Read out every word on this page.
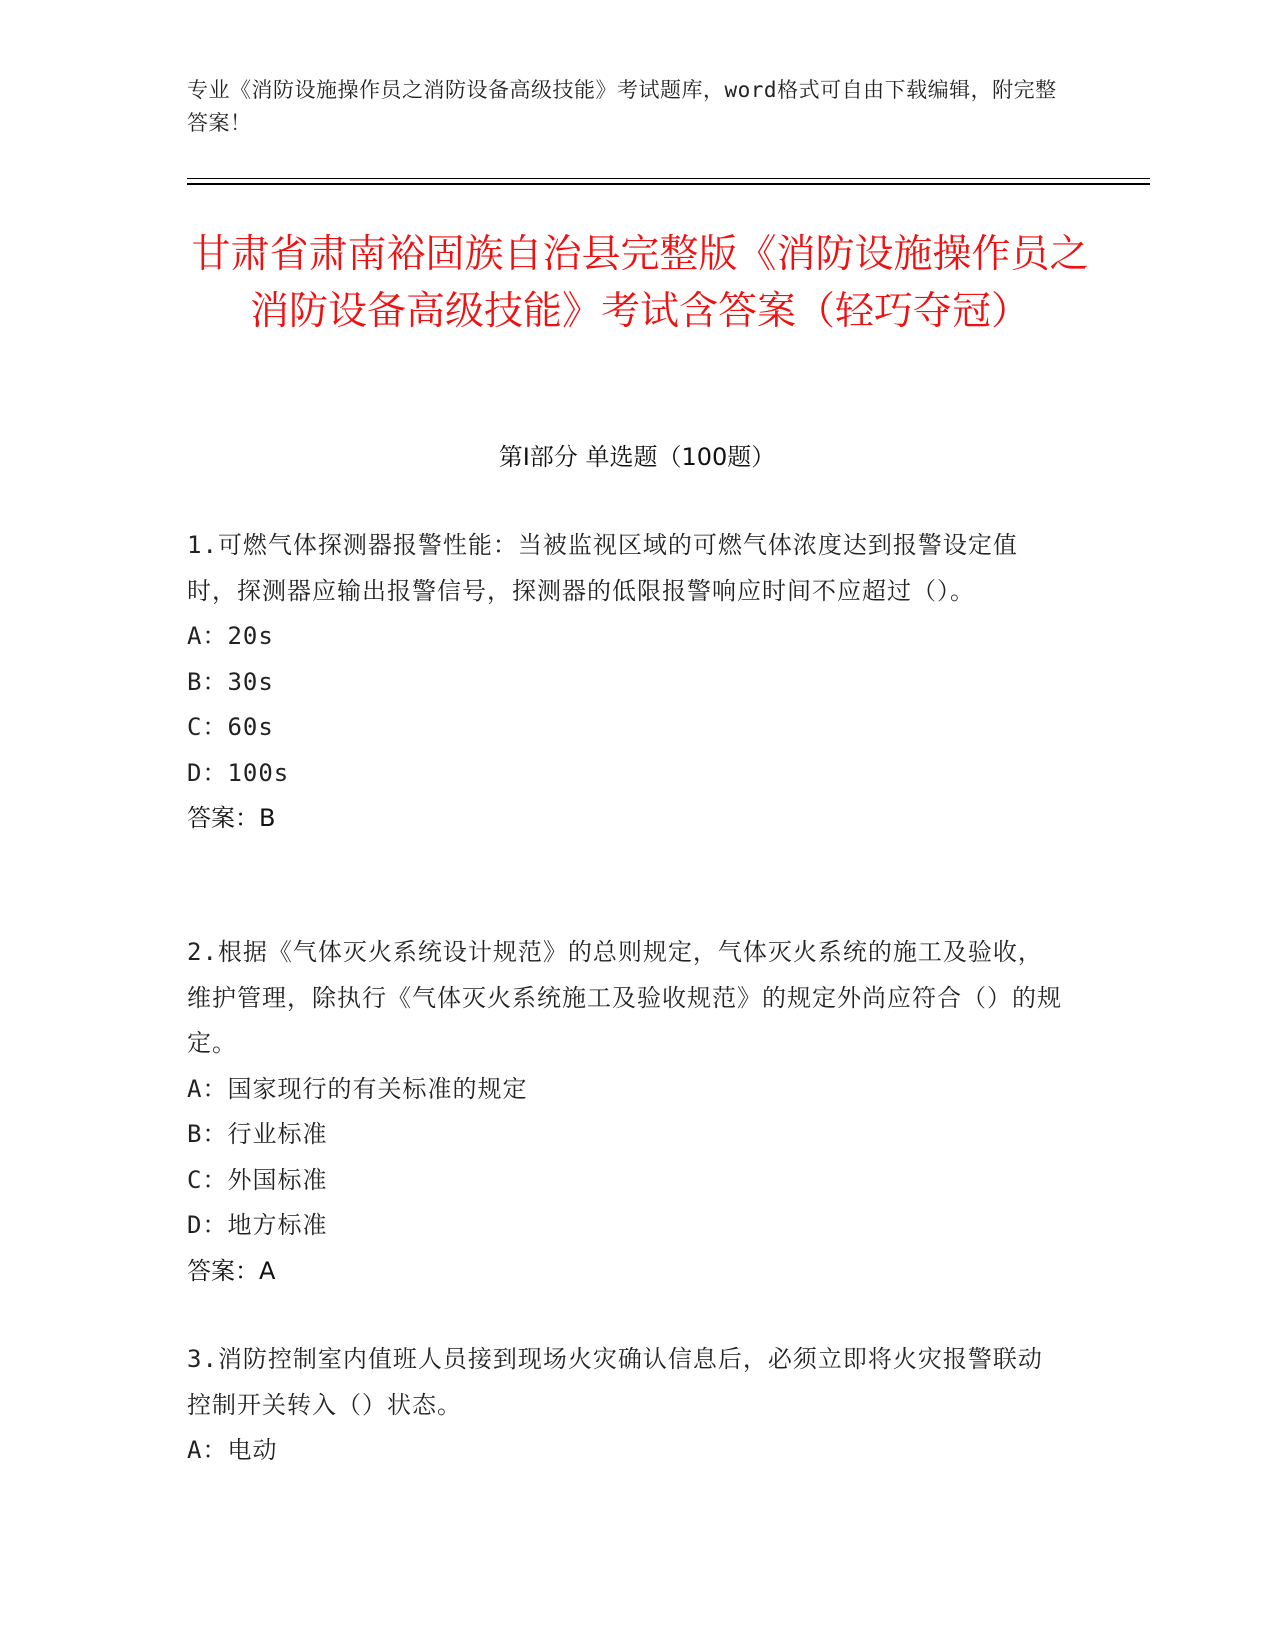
专业《消防设施操作员之消防设备高级技能》考试题库，word格式可自由下载编辑，附完整答案！
甘肃省肃南裕固族自治县完整版《消防设施操作员之消防设备高级技能》考试含答案（轻巧夺冠）
第Ⅰ部分 单选题（100题）
1.可燃气体探测器报警性能：当被监视区域的可燃气体浓度达到报警设定值时，探测器应输出报警信号，探测器的低限报警响应时间不应超过（）。
A：20s
B：30s
C：60s
D：100s
答案：B
2.根据《气体灭火系统设计规范》的总则规定，气体灭火系统的施工及验收，维护管理，除执行《气体灭火系统施工及验收规范》的规定外尚应符合（）的规定。
A：国家现行的有关标准的规定
B：行业标准
C：外国标准
D：地方标准
答案：A
3.消防控制室内值班人员接到现场火灾确认信息后，必须立即将火灾报警联动控制开关转入（）状态。
A：电动
